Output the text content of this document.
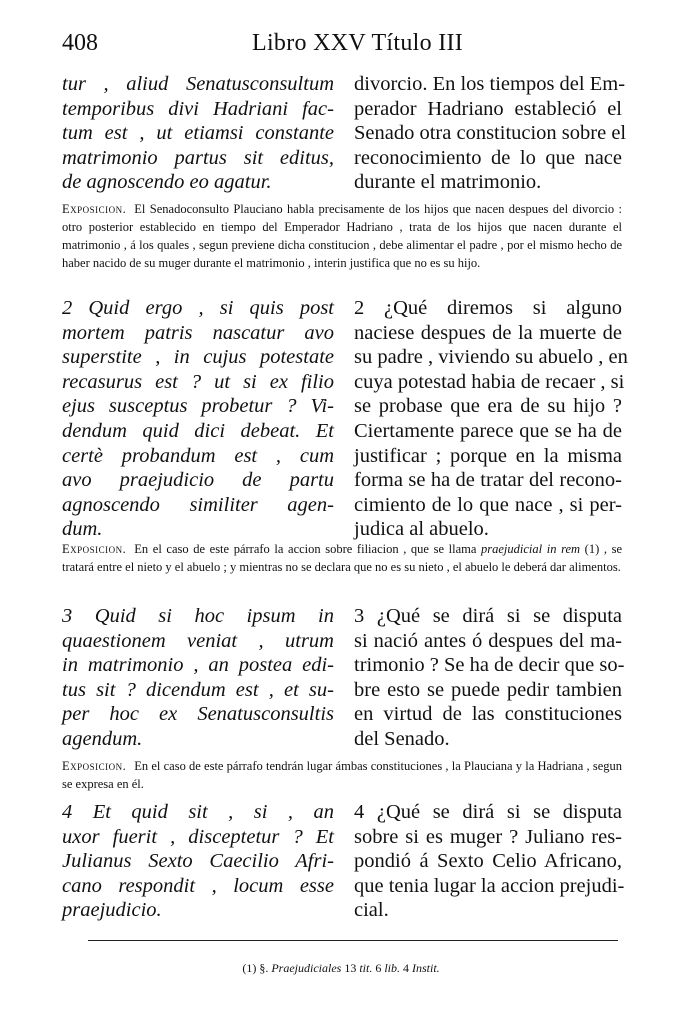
408	Libro XXV Título III
tur , aliud Senatusconsultum
temporibus divi Hadriani fac-
tum est , ut etiamsi constante
matrimonio partus sit editus,
de agnoscendo eo agatur.
divorcio. En los tiempos del Em-
perador Hadriano estableció el
Senado otra constitucion sobre el
reconocimiento de lo que nace
durante el matrimonio.
Exposicion. El Senadoconsulto Plauciano habla precisamente de los hijos que nacen despues del divorcio : otro posterior establecido en tiempo del Emperador Hadriano , trata de los hijos que nacen durante el matrimonio , á los quales , segun previene dicha constitucion , debe alimentar el padre , por el mismo hecho de haber nacido de su muger durante el matrimonio , interin justifica que no es su hijo.
2 Quid ergo , si quis post
mortem patris nascatur avo
superstite , in cujus potestate
recasurus est ? ut si ex filio
ejus susceptus probetur ? Vi-
dendum quid dici debeat. Et
certè probandum est , cum
avo praejudicio de partu
agnoscendo similiter agen-
dum.
2 ¿Qué diremos si alguno
naciese despues de la muerte de
su padre , viviendo su abuelo , en
cuya potestad habia de recaer , si
se probase que era de su hijo ?
Ciertamente parece que se ha de
justificar ; porque en la misma
forma se ha de tratar del recono-
cimiento de lo que nace , si per-
judica al abuelo.
Exposicion. En el caso de este párrafo la accion sobre filiacion , que se llama praejudicial in rem (1) , se tratará entre el nieto y el abuelo ; y mientras no se declara que no es su nieto , el abuelo le deberá dar alimentos.
3 Quid si hoc ipsum in
quaestionem veniat , utrum
in matrimonio , an postea edi-
tus sit ? dicendum est , et su-
per hoc ex Senatusconsultis
agendum.
3 ¿Qué se dirá si se disputa
si nació antes ó despues del ma-
trimonio ? Se ha de decir que so-
bre esto se puede pedir tambien
en virtud de las constituciones
del Senado.
Exposicion. En el caso de este párrafo tendrán lugar ámbas constituciones , la Plauciana y la Hadriana , segun se expresa en él.
4 Et quid sit , si , an
uxor fuerit , disceptetur ? Et
Julianus Sexto Caecilio Afri-
cano respondit , locum esse
praejudicio.
4 ¿Qué se dirá si se disputa
sobre si es muger ? Juliano res-
pondió á Sexto Celio Africano,
que tenia lugar la accion prejudi-
cial.
(1) §. Praejudiciales 13 tit. 6 lib. 4 Instit.
